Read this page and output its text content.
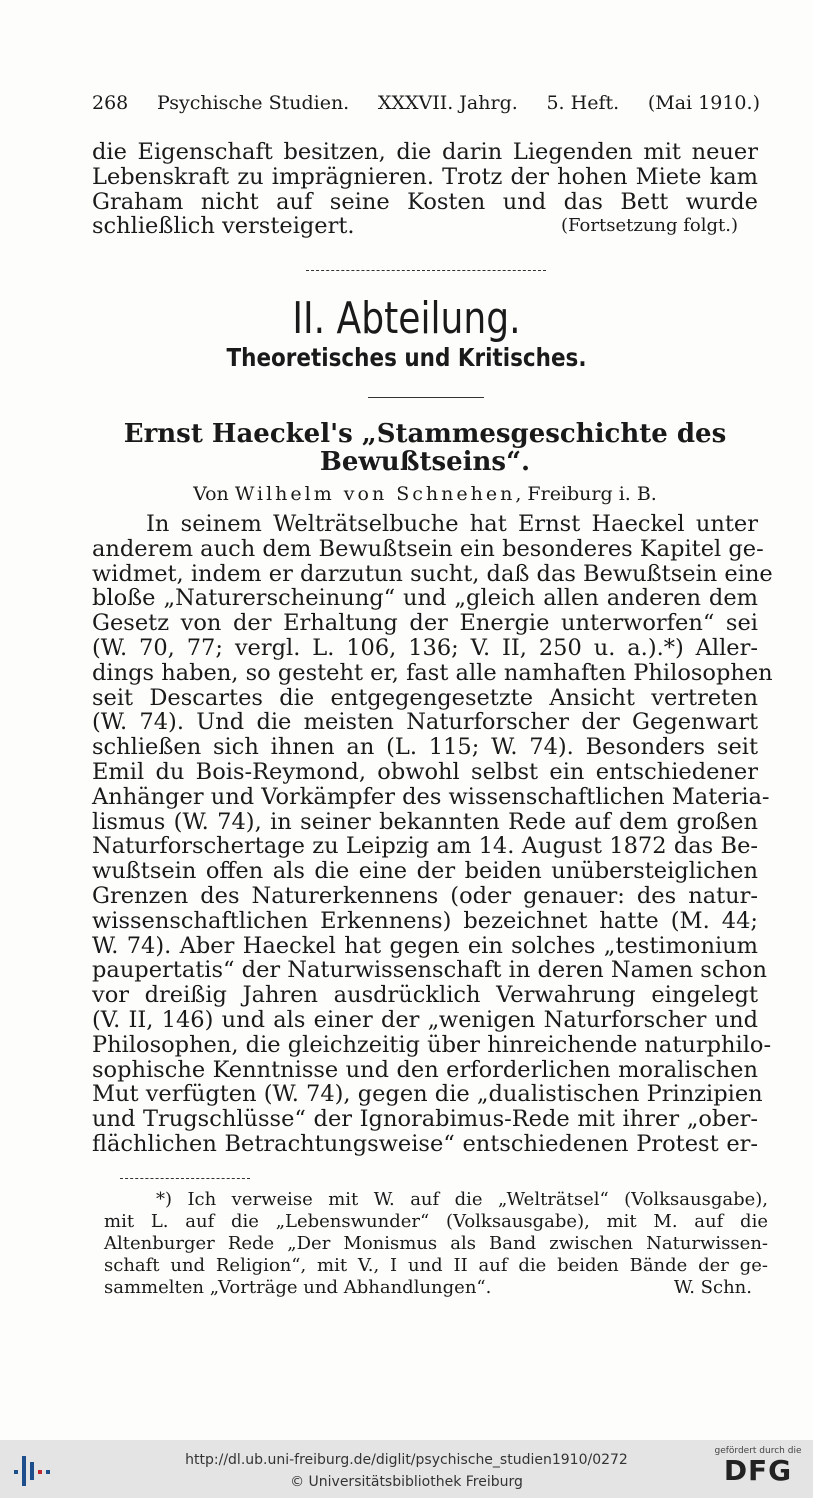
268 Psychische Studien. XXXVII. Jahrg. 5. Heft. (Mai 1910.)
die Eigenschaft besitzen, die darin Liegenden mit neuer
Lebenskraft zu imprägnieren. Trotz der hohen Miete kam
Graham nicht auf seine Kosten und das Bett wurde
schließlich versteigert.	(Fortsetzung folgt.)
II. Abteilung.
Theoretisches und Kritisches.
Ernst Haeckel's „Stammesgeschichte des
Bewußtseins“.
Von Wilhelm von Schnehen, Freiburg i. B.
In seinem Welträtselbuche hat Ernst Haeckel unter
anderem auch dem Bewußtsein ein besonderes Kapitel ge-
widmet, indem er darzutun sucht, daß das Bewußtsein eine
bloße „Naturerscheinung“ und „gleich allen anderen dem
Gesetz von der Erhaltung der Energie unterworfen“ sei
(W. 70, 77; vergl. L. 106, 136; V. II, 250 u. a.).*) Aller-
dings haben, so gesteht er, fast alle namhaften Philosophen
seit Descartes die entgegengesetzte Ansicht vertreten
(W. 74). Und die meisten Naturforscher der Gegenwart
schließen sich ihnen an (L. 115; W. 74). Besonders seit
Emil du Bois-Reymond, obwohl selbst ein entschiedener
Anhänger und Vorkämpfer des wissenschaftlichen Materia-
lismus (W. 74), in seiner bekannten Rede auf dem großen
Naturforschertage zu Leipzig am 14. August 1872 das Be-
wußtsein offen als die eine der beiden unübersteiglichen
Grenzen des Naturerkennens (oder genauer: des natur-
wissenschaftlichen Erkennens) bezeichnet hatte (M. 44;
W. 74). Aber Haeckel hat gegen ein solches „testimonium
paupertatis“ der Naturwissenschaft in deren Namen schon
vor dreißig Jahren ausdrücklich Verwahrung eingelegt
(V. II, 146) und als einer der „wenigen Naturforscher und
Philosophen, die gleichzeitig über hinreichende naturphilo-
sophische Kenntnisse und den erforderlichen moralischen
Mut verfügten (W. 74), gegen die „dualistischen Prinzipien
und Trugschlüsse“ der Ignorabimus-Rede mit ihrer „ober-
flächlichen Betrachtungsweise“ entschiedenen Protest er-
*) Ich verweise mit W. auf die „Welträtsel“ (Volksausgabe),
mit L. auf die „Lebenswunder“ (Volksausgabe), mit M. auf die
Altenburger Rede „Der Monismus als Band zwischen Naturwissen-
schaft und Religion“, mit V., I und II auf die beiden Bände der ge-
sammelten „Vorträge und Abhandlungen“.	W. Schn.
http://dl.ub.uni-freiburg.de/diglit/psychische_studien1910/0272
© Universitätsbibliothek Freiburg
gefördert durch die
DFG
